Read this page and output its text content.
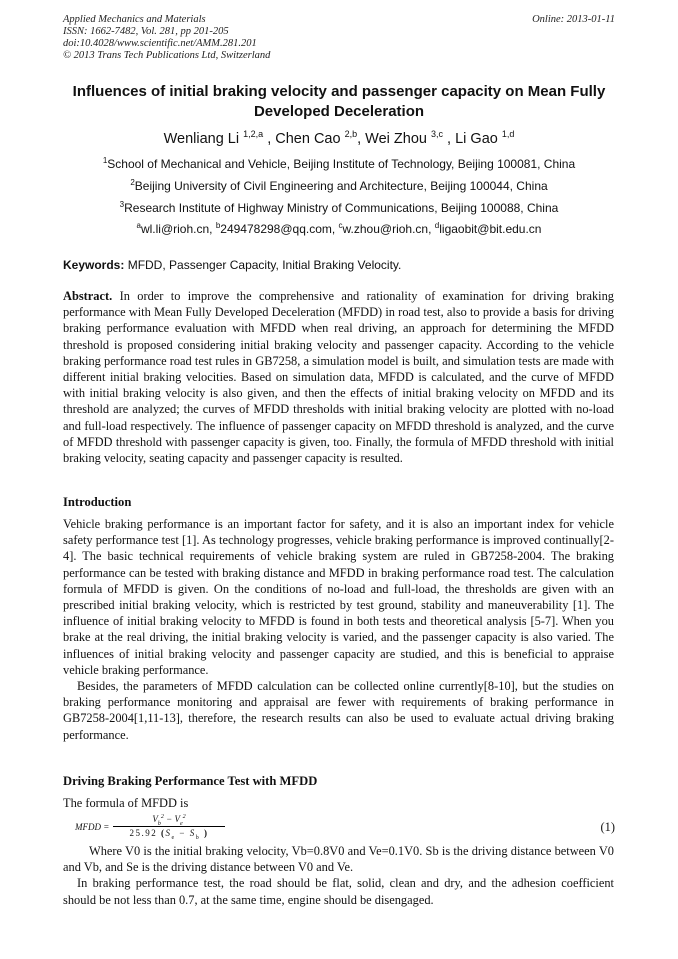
Applied Mechanics and Materials
ISSN: 1662-7482, Vol. 281, pp 201-205
doi:10.4028/www.scientific.net/AMM.281.201
© 2013 Trans Tech Publications Ltd, Switzerland
Online: 2013-01-11
Influences of initial braking velocity and passenger capacity on Mean Fully Developed Deceleration
Wenliang Li $^{1,2,a}$ , Chen Cao $^{2,b}$, Wei Zhou $^{3,c}$ , Li Gao $^{1,d}$
$^1$School of Mechanical and Vehicle, Beijing Institute of Technology, Beijing 100081, China
$^2$Beijing University of Civil Engineering and Architecture, Beijing 100044, China
$^3$Research Institute of Highway Ministry of Communications, Beijing 100088, China
$^a$wl.li@rioh.cn, $^b$249478298@qq.com, $^c$w.zhou@rioh.cn, $^d$ligaobit@bit.edu.cn
Keywords: MFDD, Passenger Capacity, Initial Braking Velocity.
Abstract. In order to improve the comprehensive and rationality of examination for driving braking performance with Mean Fully Developed Deceleration (MFDD) in road test, also to provide a basis for driving braking performance evaluation with MFDD when real driving, an approach for determining the MFDD threshold is proposed considering initial braking velocity and passenger capacity. According to the vehicle braking performance road test rules in GB7258, a simulation model is built, and simulation tests are made with different initial braking velocities. Based on simulation data, MFDD is calculated, and the curve of MFDD with initial braking velocity is also given, and then the effects of initial braking velocity on MFDD and its threshold are analyzed; the curves of MFDD thresholds with initial braking velocity are plotted with no-load and full-load respectively. The influence of passenger capacity on MFDD threshold is analyzed, and the curve of MFDD threshold with passenger capacity is given, too. Finally, the formula of MFDD threshold with initial braking velocity, seating capacity and passenger capacity is resulted.
Introduction
Vehicle braking performance is an important factor for safety, and it is also an important index for vehicle safety performance test [1]. As technology progresses, vehicle braking performance is improved continually[2-4]. The basic technical requirements of vehicle braking system are ruled in GB7258-2004. The braking performance can be tested with braking distance and MFDD in braking performance road test. The calculation formula of MFDD is given. On the conditions of no-load and full-load, the thresholds are given with an prescribed initial braking velocity, which is restricted by test ground, stability and maneuverability [1]. The influence of initial braking velocity to MFDD is found in both tests and theoretical analysis [5-7]. When you brake at the real driving, the initial braking velocity is varied, and the passenger capacity is also varied. The influences of initial braking velocity and passenger capacity are studied, and this is beneficial to appraise vehicle braking performance.
Besides, the parameters of MFDD calculation can be collected online currently[8-10], but the studies on braking performance monitoring and appraisal are fewer with requirements of braking performance in GB7258-2004[1,11-13], therefore, the research results can also be used to evaluate actual driving braking performance.
Driving Braking Performance Test with MFDD
The formula of MFDD is
MFDD =
$V_b^2 - V_e^2$
25.92 ($S_e - S_b$ )	(1)
Where V0 is the initial braking velocity, Vb=0.8V0 and Ve=0.1V0. Sb is the driving distance between V0 and Vb, and Se is the driving distance between V0 and Ve.
In braking performance test, the road should be flat, solid, clean and dry, and the adhesion coefficient should be not less than 0.7, at the same time, engine should be disengaged.
